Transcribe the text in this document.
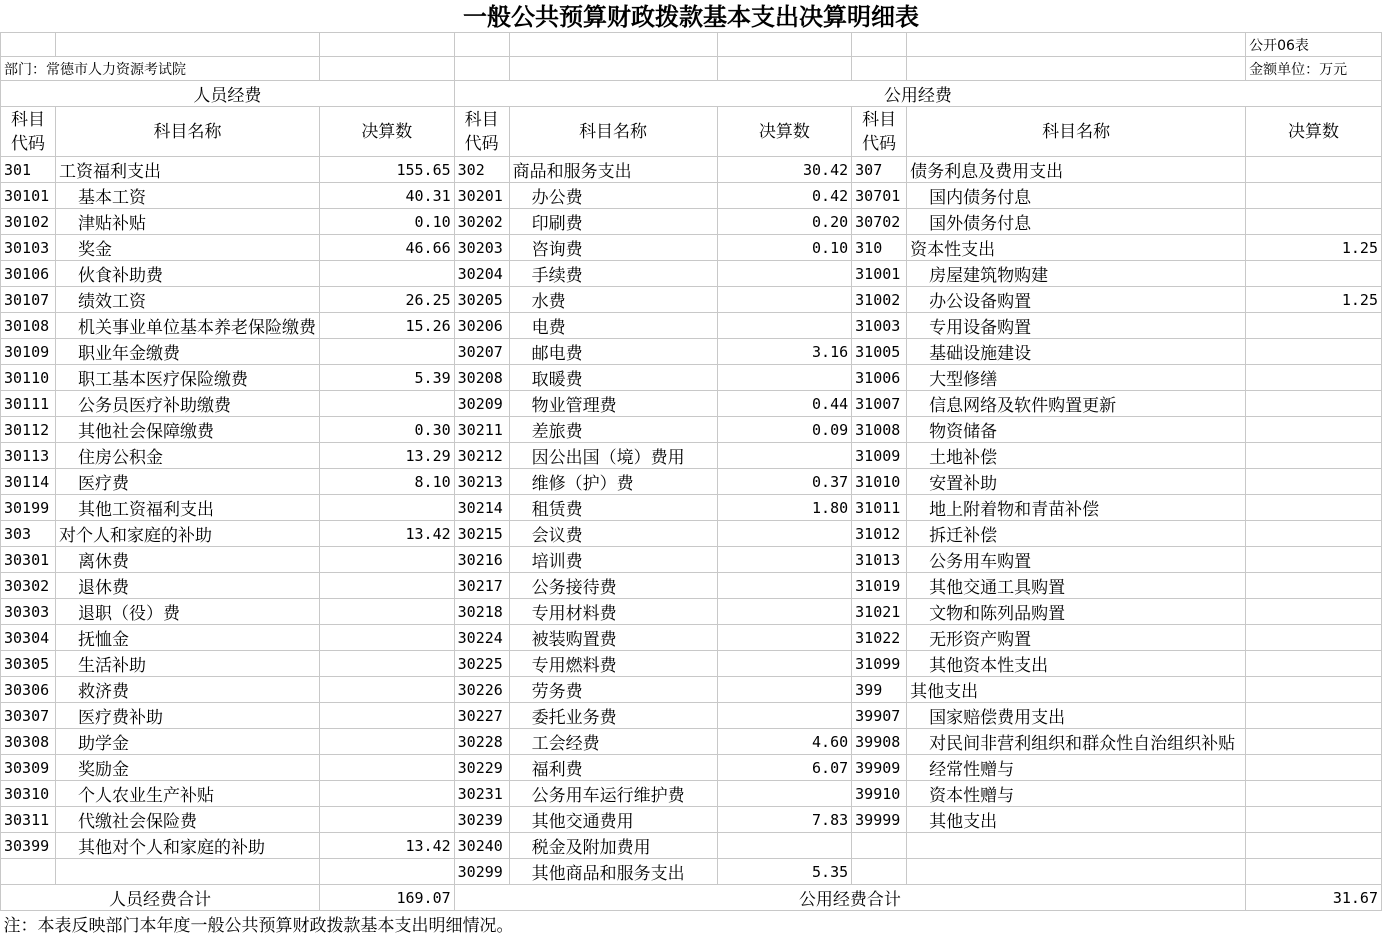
一般公共预算财政拨款基本支出决算明细表
								公开06表
部门：常德市人力资源考试院								金额单位：万元
人员经费			公用经费					
科目代码	科目名称	决算数	科目代码	科目名称	决算数	科目代码	科目名称	决算数
301	工资福利支出	155.65	302	商品和服务支出	30.42	307	债务利息及费用支出	
30101	基本工资	40.31	30201	办公费	0.42	30701	国内债务付息	
30102	津贴补贴	0.10	30202	印刷费	0.20	30702	国外债务付息	
30103	奖金	46.66	30203	咨询费	0.10	310	资本性支出	1.25
30106	伙食补助费		30204	手续费		31001	房屋建筑物购建	
30107	绩效工资	26.25	30205	水费		31002	办公设备购置	1.25
30108	机关事业单位基本养老保险缴费	15.26	30206	电费		31003	专用设备购置	
30109	职业年金缴费		30207	邮电费	3.16	31005	基础设施建设	
30110	职工基本医疗保险缴费	5.39	30208	取暖费		31006	大型修缮	
30111	公务员医疗补助缴费		30209	物业管理费	0.44	31007	信息网络及软件购置更新	
30112	其他社会保障缴费	0.30	30211	差旅费	0.09	31008	物资储备	
30113	住房公积金	13.29	30212	因公出国（境）费用		31009	土地补偿	
30114	医疗费	8.10	30213	维修（护）费	0.37	31010	安置补助	
30199	其他工资福利支出		30214	租赁费	1.80	31011	地上附着物和青苗补偿	
303	对个人和家庭的补助	13.42	30215	会议费		31012	拆迁补偿	
30301	离休费		30216	培训费		31013	公务用车购置	
30302	退休费		30217	公务接待费		31019	其他交通工具购置	
30303	退职（役）费		30218	专用材料费		31021	文物和陈列品购置	
30304	抚恤金		30224	被装购置费		31022	无形资产购置	
30305	生活补助		30225	专用燃料费		31099	其他资本性支出	
30306	救济费		30226	劳务费		399	其他支出	
30307	医疗费补助		30227	委托业务费		39907	国家赔偿费用支出	
30308	助学金		30228	工会经费	4.60	39908	对民间非营利组织和群众性自治组织补贴	
30309	奖励金		30229	福利费	6.07	39909	经常性赠与	
30310	个人农业生产补贴		30231	公务用车运行维护费		39910	资本性赠与	
30311	代缴社会保险费		30239	其他交通费用	7.83	39999	其他支出	
30399	其他对个人和家庭的补助	13.42	30240	税金及附加费用				
			30299	其他商品和服务支出	5.35			
人员经费合计		169.07	公用经费合计					31.67
注：本表反映部门本年度一般公共预算财政拨款基本支出明细情况。								
